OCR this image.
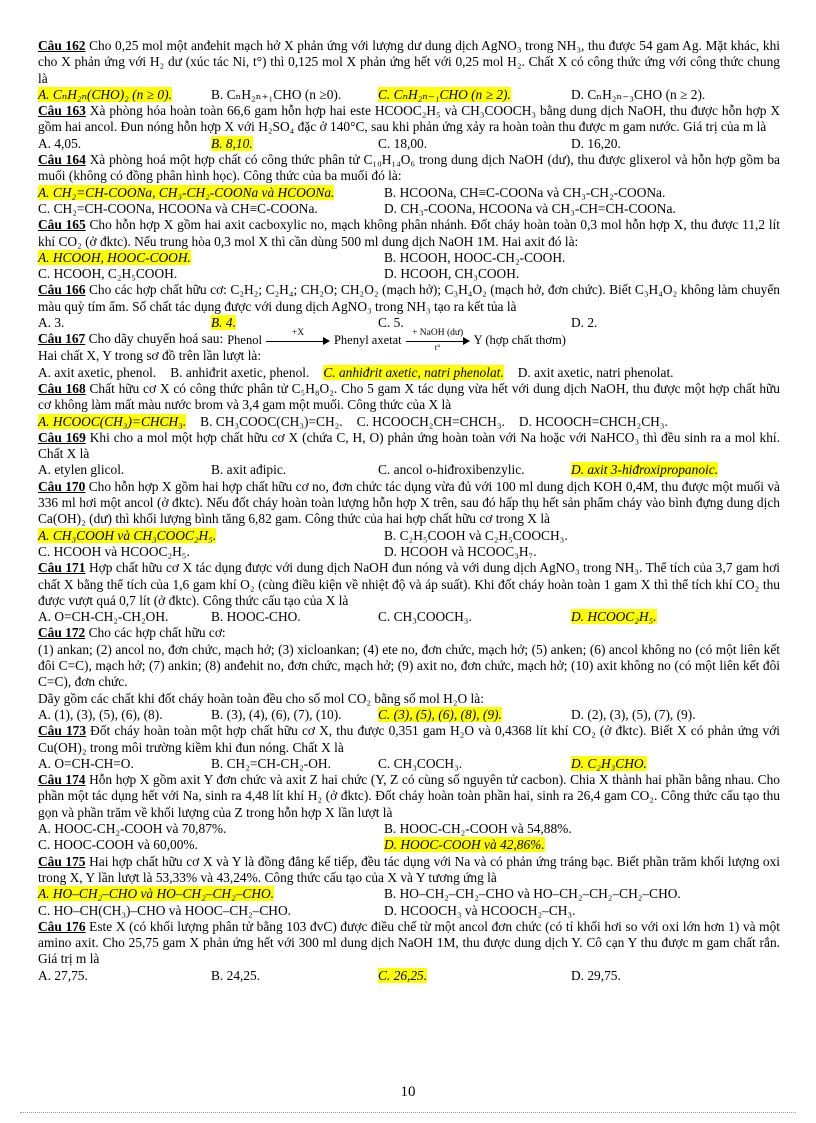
Câu 162 Cho 0,25 mol một anđehit mạch hở X phản ứng với lượng dư dung dịch AgNO₃ trong NH₃, thu được 54 gam Ag. Mặt khác, khi cho X phản ứng với H₂ dư (xúc tác Ni, t°) thì 0,125 mol X phản ứng hết với 0,25 mol H₂. Chất X có công thức ứng với công thức chung là
A. CₙH₂ₙ(CHO)₂ (n ≥ 0).	B. CₙH₂ₙ₊₁CHO (n ≥0).	C. CₙH₂ₙ₋₁CHO (n ≥ 2).	D. CₙH₂ₙ₋₃CHO (n ≥ 2).
Câu 163 Xà phòng hóa hoàn toàn 66,6 gam hỗn hợp hai este HCOOC₂H₅ và CH₃COOCH₃ bằng dung dịch NaOH, thu được hỗn hợp X gồm hai ancol. Đun nóng hỗn hợp X với H₂SO₄ đặc ở 140°C, sau khi phản ứng xảy ra hoàn toàn thu được m gam nước. Giá trị của m là
A. 4,05.	B. 8,10.	C. 18,00.	D. 16,20.
Câu 164 Xà phòng hoá một hợp chất có công thức phân tử C₁₀H₁₄O₆ trong dung dịch NaOH (dư), thu được glixerol và hỗn hợp gồm ba muối (không có đồng phân hình học). Công thức của ba muối đó là:
A. CH₂=CH-COONa, CH₃-CH₂-COONa và HCOONa.	B. HCOONa, CH≡C-COONa và CH₃-CH₂-COONa.
C. CH₂=CH-COONa, HCOONa và CH≡C-COONa.	D. CH₃-COONa, HCOONa và CH₃-CH=CH-COONa.
Câu 165 Cho hỗn hợp X gồm hai axit cacboxylic no, mạch không phân nhánh. Đốt cháy hoàn toàn 0,3 mol hỗn hợp X, thu được 11,2 lít khí CO₂ (ở đktc). Nếu trung hòa 0,3 mol X thì cần dùng 500 ml dung dịch NaOH 1M. Hai axit đó là:
A. HCOOH, HOOC-COOH.	B. HCOOH, HOOC-CH₂-COOH.
C. HCOOH, C₂H₅COOH.	D. HCOOH, CH₃COOH.
Câu 166 Cho các hợp chất hữu cơ: C₂H₂; C₂H₄; CH₂O; CH₂O₂ (mạch hở); C₃H₄O₂ (mạch hở, đơn chức). Biết C₃H₄O₂ không làm chuyển màu quỳ tím ẩm. Số chất tác dụng được với dung dịch AgNO₃ trong NH₃ tạo ra kết tủa là
A. 3.	B. 4.	C. 5.	D. 2.
Câu 167 Cho dãy chuyển hoá sau: Phenol	+X	Phenyl axetat	+ NaOH (dư)
t°
Y (hợp chất thơm)
Hai chất X, Y trong sơ đồ trên lần lượt là:
A. axit axetic, phenol. B. anhiđrit axetic, phenol. C. anhiđrit axetic, natri phenolat. D. axit axetic, natri phenolat.
Câu 168 Chất hữu cơ X có công thức phân tử C₅H₈O₂. Cho 5 gam X tác dụng vừa hết với dung dịch NaOH, thu được một hợp chất hữu cơ không làm mất màu nước brom và 3,4 gam một muối. Công thức của X là
A. HCOOC(CH₃)=CHCH₃. B. CH₃COOC(CH₃)=CH₂. C. HCOOCH₂CH=CHCH₃. D. HCOOCH=CHCH₂CH₃.
Câu 169 Khi cho a mol một hợp chất hữu cơ X (chứa C, H, O) phản ứng hoàn toàn với Na hoặc với NaHCO₃ thì đều sinh ra a mol khí. Chất X là
A. etylen glicol.	B. axit ađipic.	C. ancol o-hiđroxibenzylic.	D. axit 3-hiđroxipropanoic.
Câu 170 Cho hỗn hợp X gồm hai hợp chất hữu cơ no, đơn chức tác dụng vừa đủ với 100 ml dung dịch KOH 0,4M, thu được một muối và 336 ml hơi một ancol (ở đktc). Nếu đốt cháy hoàn toàn lượng hỗn hợp X trên, sau đó hấp thụ hết sản phẩm cháy vào bình đựng dung dịch Ca(OH)₂ (dư) thì khối lượng bình tăng 6,82 gam. Công thức của hai hợp chất hữu cơ trong X là
A. CH₃COOH và CH₃COOC₂H₅.	B. C₂H₅COOH và C₂H₅COOCH₃.
C. HCOOH và HCOOC₂H₅.	D. HCOOH và HCOOC₃H₇.
Câu 171 Hợp chất hữu cơ X tác dụng được với dung dịch NaOH đun nóng và với dung dịch AgNO₃ trong NH₃. Thể tích của 3,7 gam hơi chất X bằng thể tích của 1,6 gam khí O₂ (cùng điều kiện về nhiệt độ và áp suất). Khi đốt cháy hoàn toàn 1 gam X thì thể tích khí CO₂ thu được vượt quá 0,7 lít (ở đktc). Công thức cấu tạo của X là
A. O=CH-CH₂-CH₂OH.	B. HOOC-CHO.	C. CH₃COOCH₃.	D. HCOOC₂H₅.
Câu 172 Cho các hợp chất hữu cơ:
(1) ankan; (2) ancol no, đơn chức, mạch hở; (3) xicloankan; (4) ete no, đơn chức, mạch hở; (5) anken; (6) ancol không no (có một liên kết đôi C=C), mạch hở; (7) ankin; (8) anđehit no, đơn chức, mạch hở; (9) axit no, đơn chức, mạch hở; (10) axit không no (có một liên kết đôi C=C), đơn chức.
Dãy gồm các chất khi đốt cháy hoàn toàn đều cho số mol CO₂ bằng số mol H₂O là:
A. (1), (3), (5), (6), (8).	B. (3), (4), (6), (7), (10).	C. (3), (5), (6), (8), (9).	D. (2), (3), (5), (7), (9).
Câu 173 Đốt cháy hoàn toàn một hợp chất hữu cơ X, thu được 0,351 gam H₂O và 0,4368 lít khí CO₂ (ở đktc). Biết X có phản ứng với Cu(OH)₂ trong môi trường kiềm khi đun nóng. Chất X là
A. O=CH-CH=O.	B. CH₂=CH-CH₂-OH.	C. CH₃COCH₃.	D. C₂H₃CHO.
Câu 174 Hỗn hợp X gồm axit Y đơn chức và axit Z hai chức (Y, Z có cùng số nguyên tử cacbon). Chia X thành hai phần bằng nhau. Cho phần một tác dụng hết với Na, sinh ra 4,48 lít khí H₂ (ở đktc). Đốt cháy hoàn toàn phần hai, sinh ra 26,4 gam CO₂. Công thức cấu tạo thu gọn và phần trăm về khối lượng của Z trong hỗn hợp X lần lượt là
A. HOOC-CH₂-COOH và 70,87%.	B. HOOC-CH₂-COOH và 54,88%.
C. HOOC-COOH và 60,00%.	D. HOOC-COOH và 42,86%.
Câu 175 Hai hợp chất hữu cơ X và Y là đồng đẳng kế tiếp, đều tác dụng với Na và có phản ứng tráng bạc. Biết phần trăm khối lượng oxi trong X, Y lần lượt là 53,33% và 43,24%. Công thức cấu tạo của X và Y tương ứng là
A. HO–CH₂–CHO và HO–CH₂–CH₂–CHO.	B. HO–CH₂–CH₂–CHO và HO–CH₂–CH₂–CH₂–CHO.
C. HO–CH(CH₃)–CHO và HOOC–CH₂–CHO.	D. HCOOCH₃ và HCOOCH₂–CH₃.
Câu 176 Este X (có khối lượng phân tử bằng 103 đvC) được điều chế từ một ancol đơn chức (có tỉ khối hơi so với oxi lớn hơn 1) và một amino axit. Cho 25,75 gam X phản ứng hết với 300 ml dung dịch NaOH 1M, thu được dung dịch Y. Cô cạn Y thu được m gam chất rắn. Giá trị m là
A. 27,75.	B. 24,25.	C. 26,25.	D. 29,75.
10
